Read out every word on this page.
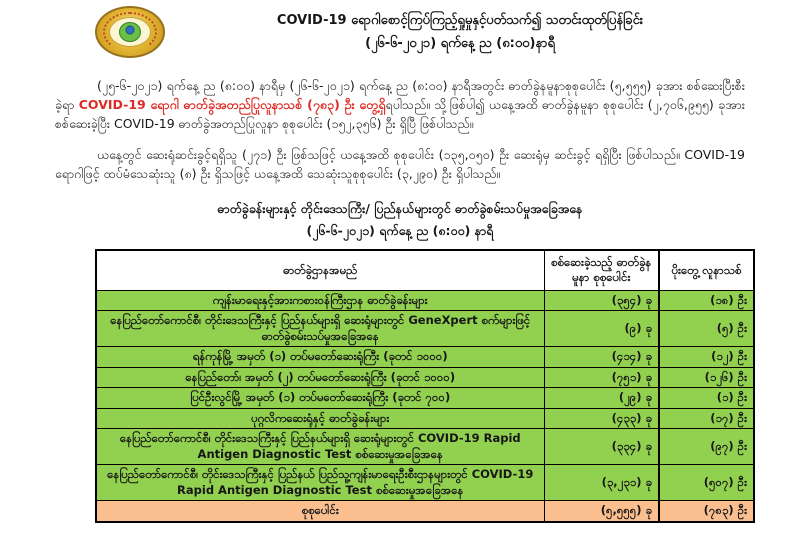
COVID-19 ရောဂါစောင့်ကြပ်ကြည့်ရှုမှုနှင့်ပတ်သက်၍ သတင်းထုတ်ပြန်ခြင်း
(၂၆-၆-၂၀၂၁) ရက်နေ့ ည (၈:၀၀)နာရီ

(၂၅-၆-၂၀၂၁) ရက်နေ့ ည (၈:၀၀) နာရီမှ (၂၆-၆-၂၀၂၁) ရက်နေ့ ည (၈:၀၀) နာရီအတွင်း ဓာတ်ခွဲနမူနာစုစုပေါင်း (၅,၅၅၅) ခုအား စစ်ဆေးပြီးစီးခဲ့ရာ COVID-19 ရောဂါ ဓာတ်ခွဲအတည်ပြုလူနာသစ် (၇၈၃) ဦး တွေ့ရှိရပါသည်။ သို့ဖြစ်ပါ၍ ယနေ့အထိ ဓာတ်ခွဲနမူနာ စုစုပေါင်း (၂,၇၀၆,၉၅၅) ခုအား စစ်ဆေးခဲ့ပြီး COVID-19 ဓာတ်ခွဲအတည်ပြုလူနာ စုစုပေါင်း (၁၅၂,၃၅၆) ဦး ရှိပြီ ဖြစ်ပါသည်။

ယနေ့တွင် ဆေးရုံဆင်းခွင့်ရရှိသူ (၂၇၁) ဦး ဖြစ်သဖြင့် ယနေ့အထိ စုစုပေါင်း (၁၃၅,၀၅၀) ဦး ဆေးရုံမှ ဆင်းခွင့် ရရှိပြီး ဖြစ်ပါသည်။ COVID-19 ရောဂါဖြင့် ထပ်မံသေဆုံးသူ (၈) ဦး ရှိသဖြင့် ယနေ့အထိ သေဆုံးသူစုစုပေါင်း (၃,၂၉၀) ဦး ရှိပါသည်။

ဓာတ်ခွဲခန်းများနှင့် တိုင်းဒေသကြီး/ ပြည်နယ်များတွင် ဓာတ်ခွဲစမ်းသပ်မှုအခြေအနေ
(၂၆-၆-၂၀၂၁) ရက်နေ့ ည (၈:၀၀) နာရီ
ဓာတ်ခွဲဌာနအမည်	စစ်ဆေးခဲ့သည့် ဓာတ်ခွဲနမူနာ စုစုပေါင်း	ပိုးတွေ့ လူနာသစ်
ကျန်းမာရေးနှင့်အားကစားဝန်ကြီးဌာန ဓာတ်ခွဲခန်းများ	(၃၅၄) ခု	(၁၈) ဦး
နေပြည်တော်ကောင်စီ၊ တိုင်းဒေသကြီးနှင့် ပြည်နယ်များရှိ ဆေးရုံများတွင် GeneXpert စက်များဖြင့် ဓာတ်ခွဲစမ်းသပ်မှုအခြေအနေ	(၉) ခု	(၅) ဦး
ရန်ကုန်မြို့ အမှတ် (၁) တပ်မတော်ဆေးရုံကြီး (ခုတင် ၁၀၀၀)	(၄၁၄) ခု	(၁၂) ဦး
နေပြည်တော်၊ အမှတ် (၂) တပ်မတော်ဆေးရုံကြီး (ခုတင် ၁၀၀၀)	(၇၅၁) ခု	(၁၂၆) ဦး
ပြင်ဦးလွင်မြို့ အမှတ် (၁) တပ်မတော်ဆေးရုံကြီး (ခုတင် ၇၀၀)	(၂၉) ခု	(၁) ဦး
ပုဂ္ဂလိကဆေးရုံနှင့် ဓာတ်ခွဲခန်းများ	(၄၃၃) ခု	(၁၇) ဦး
နေပြည်တော်ကောင်စီ၊ တိုင်းဒေသကြီးနှင့် ပြည်နယ်များရှိ ဆေးရုံများတွင် COVID-19 Rapid Antigen Diagnostic Test စစ်ဆေးမှုအခြေအနေ	(၃၃၄) ခု	(၉၇) ဦး
နေပြည်တော်ကောင်စီ၊ တိုင်းဒေသကြီးနှင့် ပြည်နယ် ပြည်သူ့ကျန်းမာရေးဦးစီးဌာနများတွင် COVID-19 Rapid Antigen Diagnostic Test စစ်ဆေးမှုအခြေအနေ	(၃,၂၃၁) ခု	(၅၀၇) ဦး
စုစုပေါင်း	(၅,၅၅၅) ခု	(၇၈၃) ဦး
